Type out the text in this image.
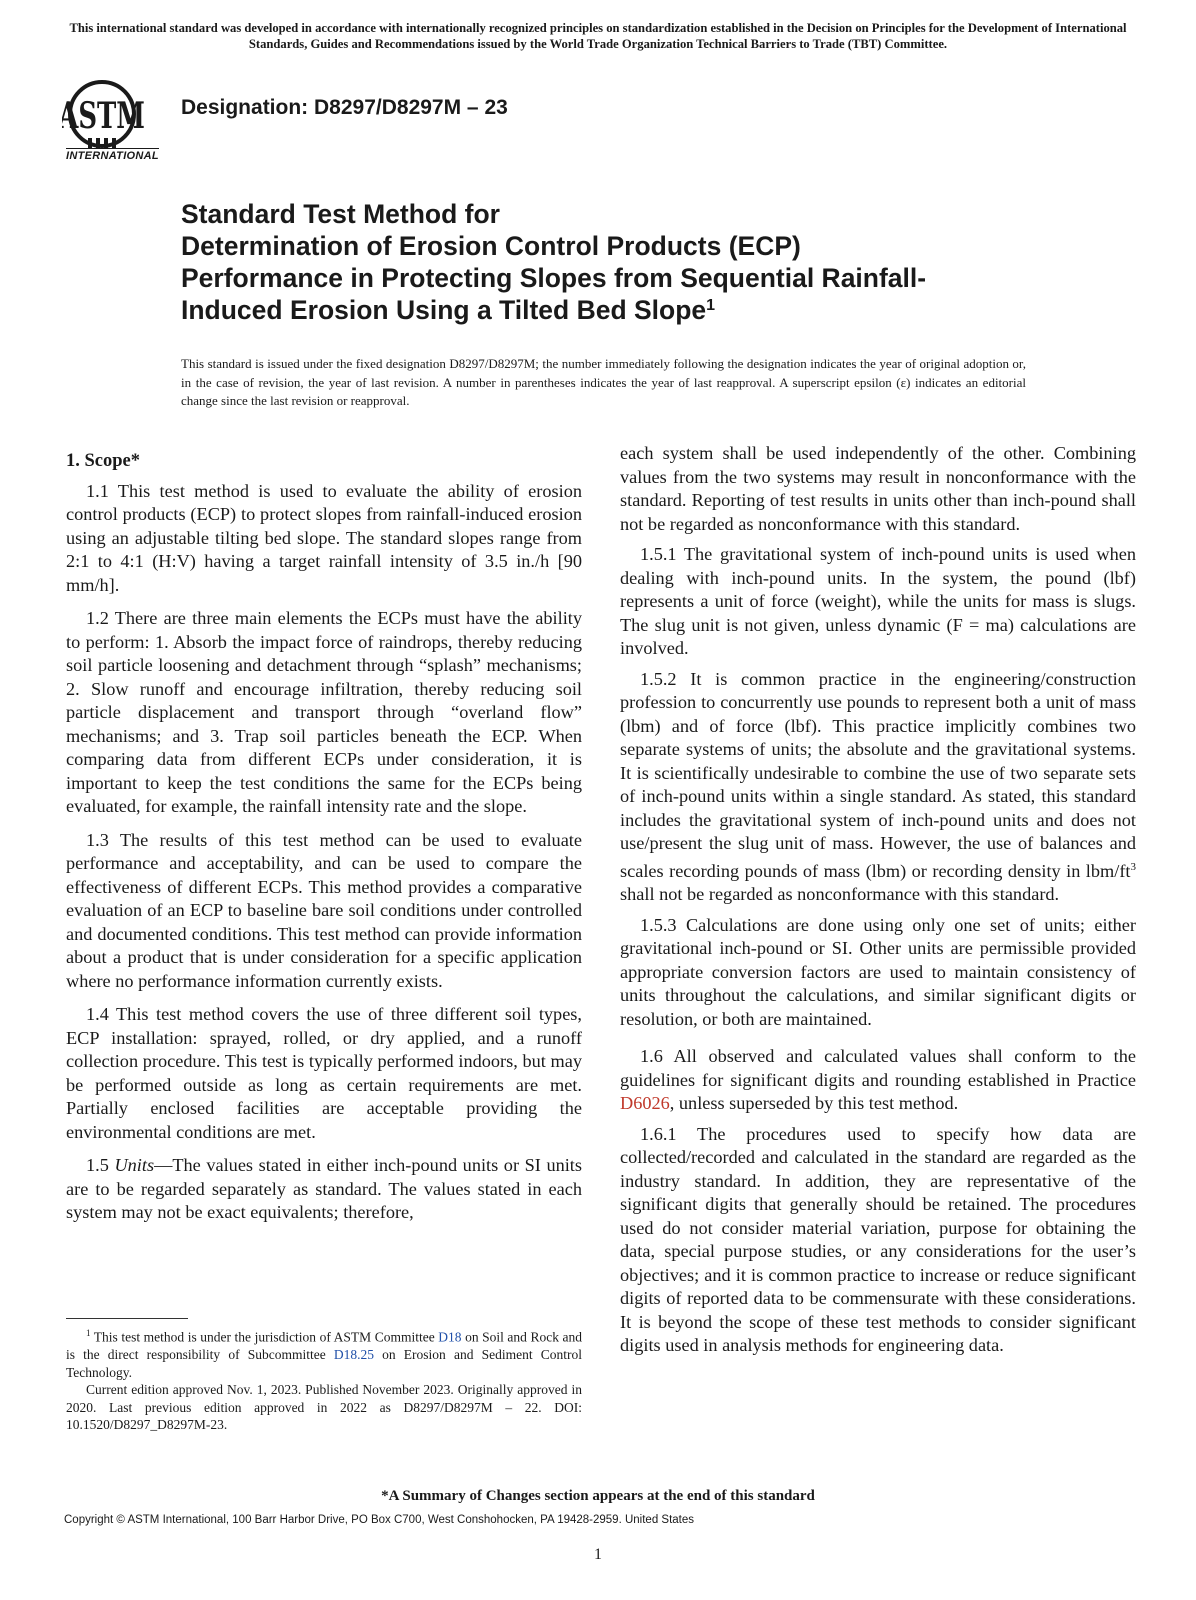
This international standard was developed in accordance with internationally recognized principles on standardization established in the Decision on Principles for the Development of International Standards, Guides and Recommendations issued by the World Trade Organization Technical Barriers to Trade (TBT) Committee.
ASTM
INTERNATIONAL
Designation: D8297/D8297M – 23
Standard Test Method for
Determination of Erosion Control Products (ECP)
Performance in Protecting Slopes from Sequential Rainfall-
Induced Erosion Using a Tilted Bed Slope$^1$
This standard is issued under the fixed designation D8297/D8297M; the number immediately following the designation indicates the year of original adoption or, in the case of revision, the year of last revision. A number in parentheses indicates the year of last reapproval. A superscript epsilon (ε) indicates an editorial change since the last revision or reapproval.
1. Scope*

1.1 This test method is used to evaluate the ability of erosion control products (ECP) to protect slopes from rainfall-induced erosion using an adjustable tilting bed slope. The standard slopes range from 2:1 to 4:1 (H:V) having a target rainfall intensity of 3.5 in./h [90 mm/h].

1.2 There are three main elements the ECPs must have the ability to perform: 1. Absorb the impact force of raindrops, thereby reducing soil particle loosening and detachment through “splash” mechanisms; 2. Slow runoff and encourage infiltration, thereby reducing soil particle displacement and transport through “overland flow” mechanisms; and 3. Trap soil particles beneath the ECP. When comparing data from different ECPs under consideration, it is important to keep the test conditions the same for the ECPs being evaluated, for example, the rainfall intensity rate and the slope.

1.3 The results of this test method can be used to evaluate performance and acceptability, and can be used to compare the effectiveness of different ECPs. This method provides a comparative evaluation of an ECP to baseline bare soil conditions under controlled and documented conditions. This test method can provide information about a product that is under consideration for a specific application where no performance information currently exists.

1.4 This test method covers the use of three different soil types, ECP installation: sprayed, rolled, or dry applied, and a runoff collection procedure. This test is typically performed indoors, but may be performed outside as long as certain requirements are met. Partially enclosed facilities are acceptable providing the environmental conditions are met.

1.5 Units—The values stated in either inch-pound units or SI units are to be regarded separately as standard. The values stated in each system may not be exact equivalents; therefore,

each system shall be used independently of the other. Combining values from the two systems may result in nonconformance with the standard. Reporting of test results in units other than inch-pound shall not be regarded as nonconformance with this standard.

1.5.1 The gravitational system of inch-pound units is used when dealing with inch-pound units. In the system, the pound (lbf) represents a unit of force (weight), while the units for mass is slugs. The slug unit is not given, unless dynamic (F = ma) calculations are involved.

1.5.2 It is common practice in the engineering/construction profession to concurrently use pounds to represent both a unit of mass (lbm) and of force (lbf). This practice implicitly combines two separate systems of units; the absolute and the gravitational systems. It is scientifically undesirable to combine the use of two separate sets of inch-pound units within a single standard. As stated, this standard includes the gravitational system of inch-pound units and does not use/present the slug unit of mass. However, the use of balances and scales recording pounds of mass (lbm) or recording density in lbm/$ft^3$ shall not be regarded as nonconformance with this standard.

1.5.3 Calculations are done using only one set of units; either gravitational inch-pound or SI. Other units are permissible provided appropriate conversion factors are used to maintain consistency of units throughout the calculations, and similar significant digits or resolution, or both are maintained.

1.6 All observed and calculated values shall conform to the guidelines for significant digits and rounding established in Practice D6026, unless superseded by this test method.

1.6.1 The procedures used to specify how data are collected/recorded and calculated in the standard are regarded as the industry standard. In addition, they are representative of the significant digits that generally should be retained. The procedures used do not consider material variation, purpose for obtaining the data, special purpose studies, or any considerations for the user’s objectives; and it is common practice to increase or reduce significant digits of reported data to be commensurate with these considerations. It is beyond the scope of these test methods to consider significant digits used in analysis methods for engineering data.

$^1$ This test method is under the jurisdiction of ASTM Committee D18 on Soil and Rock and is the direct responsibility of Subcommittee D18.25 on Erosion and Sediment Control Technology.

Current edition approved Nov. 1, 2023. Published November 2023. Originally approved in 2020. Last previous edition approved in 2022 as D8297/D8297M – 22. DOI: 10.1520/D8297_D8297M-23.

*A Summary of Changes section appears at the end of this standard
Copyright © ASTM International, 100 Barr Harbor Drive, PO Box C700, West Conshohocken, PA 19428-2959. United States
1
